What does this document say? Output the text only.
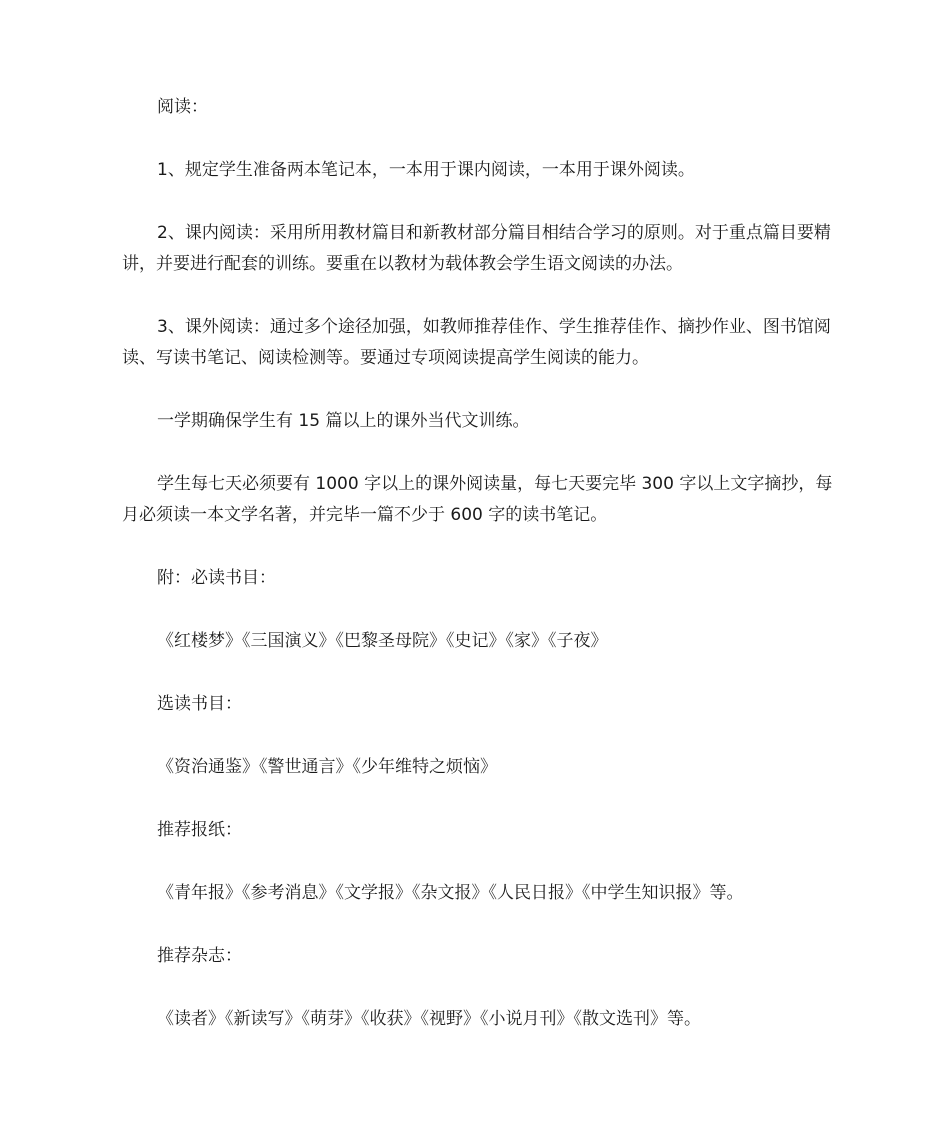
阅读：

1、规定学生准备两本笔记本，一本用于课内阅读，一本用于课外阅读。

2、课内阅读：采用所用教材篇目和新教材部分篇目相结合学习的原则。对于重点篇目要精讲，并要进行配套的训练。要重在以教材为载体教会学生语文阅读的办法。

3、课外阅读：通过多个途径加强，如教师推荐佳作、学生推荐佳作、摘抄作业、图书馆阅读、写读书笔记、阅读检测等。要通过专项阅读提高学生阅读的能力。

一学期确保学生有 15 篇以上的课外当代文训练。

学生每七天必须要有 1000 字以上的课外阅读量，每七天要完毕 300 字以上文字摘抄，每月必须读一本文学名著，并完毕一篇不少于 600 字的读书笔记。

附：必读书目：

《红楼梦》《三国演义》《巴黎圣母院》《史记》《家》《子夜》

选读书目：

《资治通鉴》《警世通言》《少年维特之烦恼》

推荐报纸：

《青年报》《参考消息》《文学报》《杂文报》《人民日报》《中学生知识报》等。

推荐杂志：

《读者》《新读写》《萌芽》《收获》《视野》《小说月刊》《散文选刊》等。
